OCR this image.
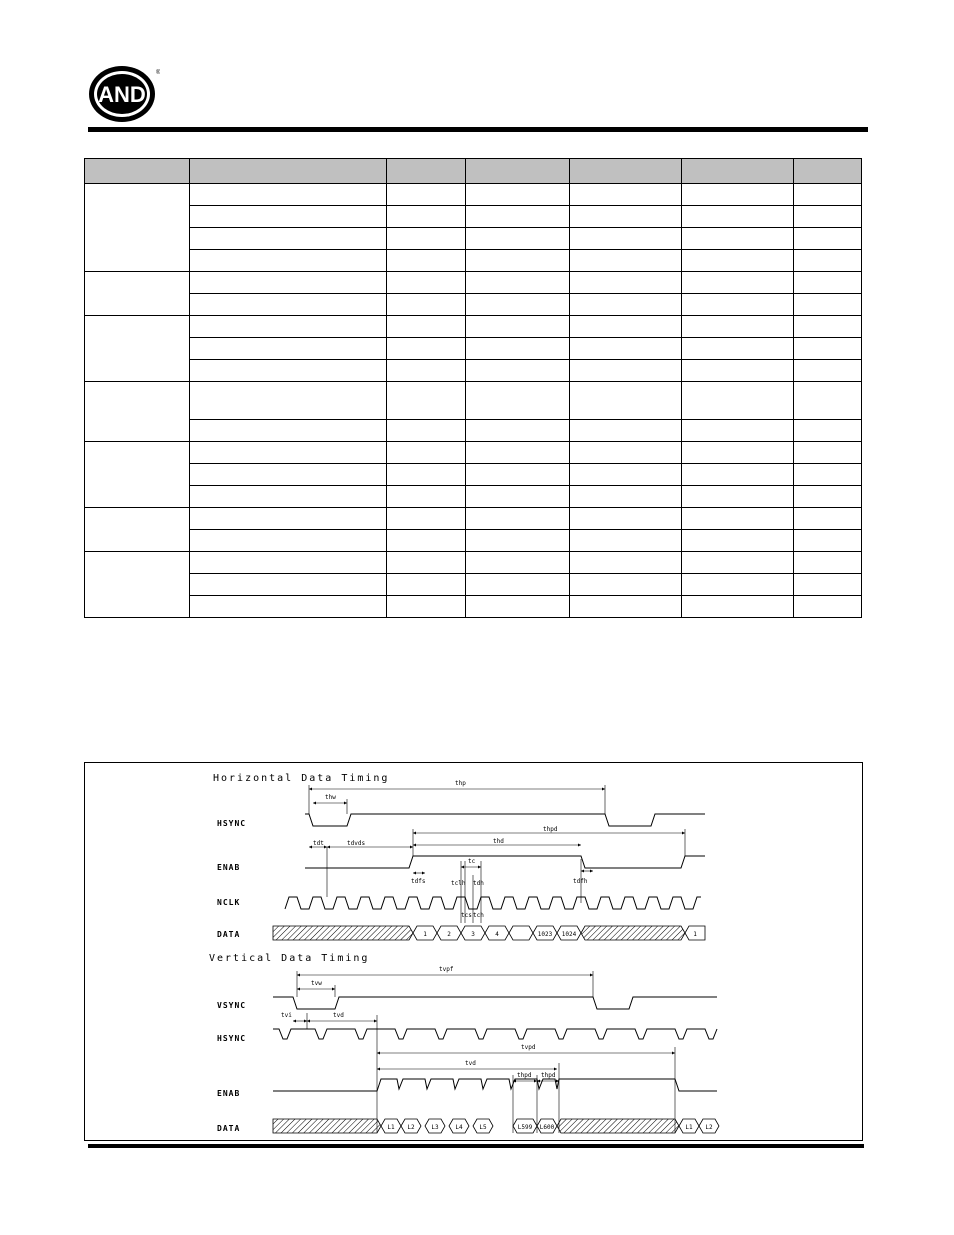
AND
®

Horizontal Data Timing
HSYNC
ENAB
NCLK
DATA	1	2	3	4	1023 1024	1
thp
thw
thpd
thd
tdt	tdvds
tdfs
tc
tclh
tcs tch
tdfh
tdh
Vertical Data Timing
VSYNC
HSYNC
ENAB
DATA	L1 L2	L3	L4	L5	L599 L600	L1 L2
tvpf
tvw
tvi	tvd
tvpd
tvd
thpd thpd
